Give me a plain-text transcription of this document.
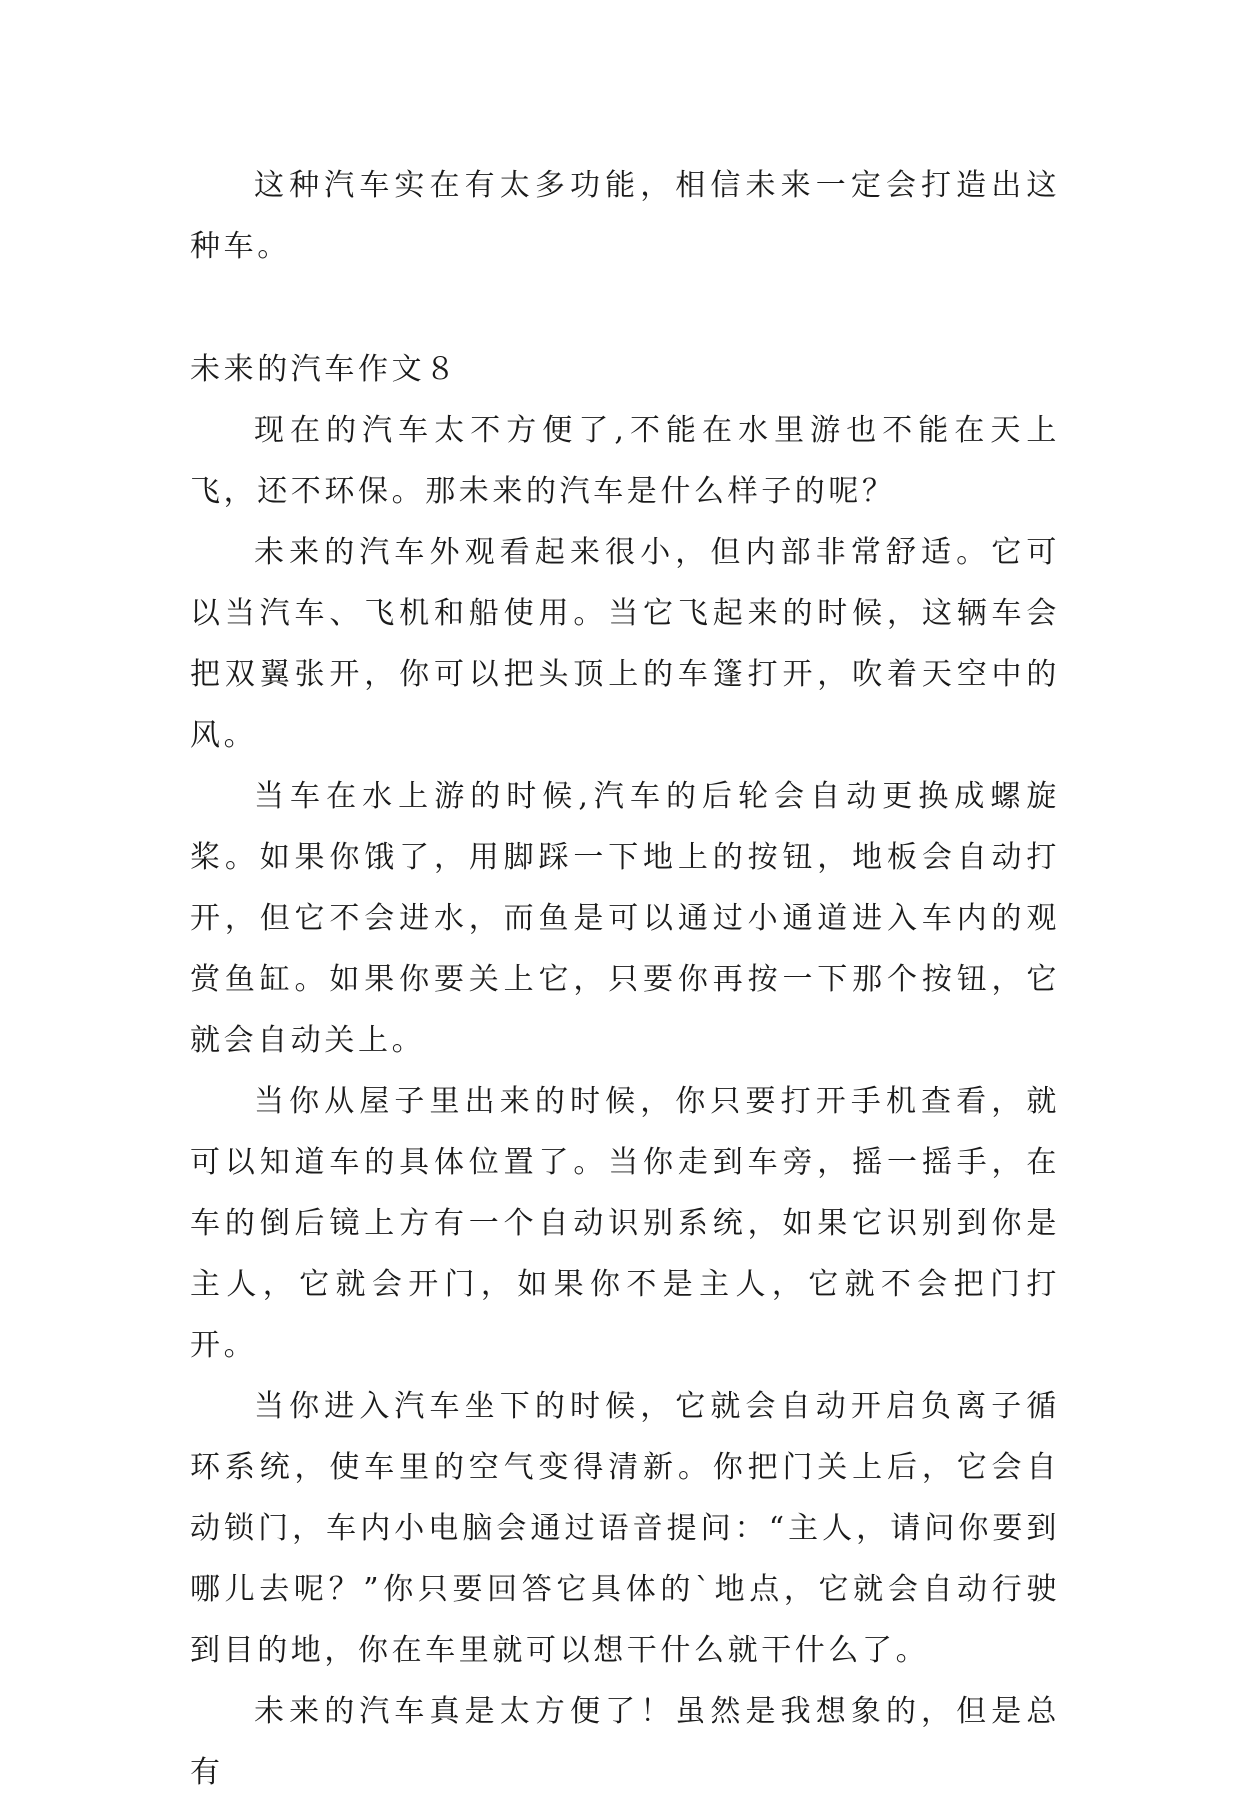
这种汽车实在有太多功能，相信未来一定会打造出这种车。

未来的汽车作文８

现在的汽车太不方便了,不能在水里游也不能在天上飞，还不环保。那未来的汽车是什么样子的呢？

未来的汽车外观看起来很小，但内部非常舒适。它可以当汽车、飞机和船使用。当它飞起来的时候，这辆车会把双翼张开，你可以把头顶上的车篷打开，吹着天空中的风。

当车在水上游的时候,汽车的后轮会自动更换成螺旋桨。如果你饿了，用脚踩一下地上的按钮，地板会自动打开，但它不会进水，而鱼是可以通过小通道进入车内的观赏鱼缸。如果你要关上它，只要你再按一下那个按钮，它就会自动关上。

当你从屋子里出来的时候，你只要打开手机查看，就可以知道车的具体位置了。当你走到车旁，摇一摇手，在车的倒后镜上方有一个自动识别系统，如果它识别到你是主人，它就会开门，如果你不是主人，它就不会把门打开。

当你进入汽车坐下的时候，它就会自动开启负离子循环系统，使车里的空气变得清新。你把门关上后，它会自动锁门，车内小电脑会通过语音提问：“主人，请问你要到哪儿去呢？”你只要回答它具体的`地点，它就会自动行驶到目的地，你在车里就可以想干什么就干什么了。

未来的汽车真是太方便了！虽然是我想象的，但是总有
